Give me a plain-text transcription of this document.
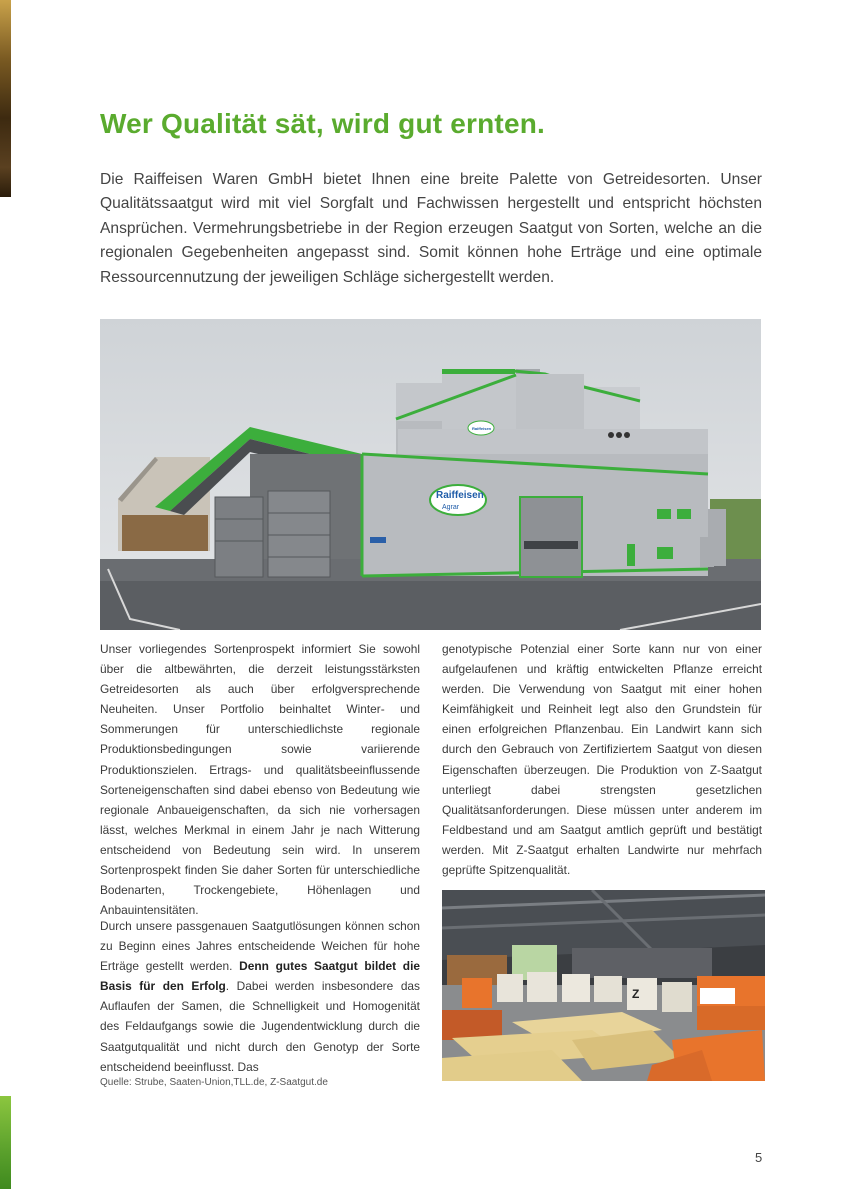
Wer Qualität sät, wird gut ernten.

Die Raiffeisen Waren GmbH bietet Ihnen eine breite Palette von Getreidesorten. Unser Qualitätssaatgut wird mit viel Sorgfalt und Fachwissen hergestellt und entspricht höchsten Ansprüchen. Vermehrungsbetriebe in der Region erzeugen Saatgut von Sorten, welche an die regionalen Gegebenheiten angepasst sind. Somit können hohe Erträge und eine optimale Ressourcennutzung der jeweiligen Schläge sichergestellt werden.

Raiffeisen
Agrar
Raiffeisen
Unser vorliegendes Sortenprospekt informiert Sie sowohl über die altbewährten, die derzeit leistungsstärksten Getreidesorten als auch über erfolgversprechende Neuheiten. Unser Portfolio beinhaltet Winter- und Sommerungen für unterschiedlichste regionale Produktionsbedingungen sowie variierende Produktionszielen. Ertrags- und qualitätsbeeinflussende Sorteneigenschaften sind dabei ebenso von Bedeutung wie regionale Anbaueigenschaften, da sich nie vorhersagen lässt, welches Merkmal in einem Jahr je nach Witterung entscheidend von Bedeutung sein wird. In unserem Sortenprospekt finden Sie daher Sorten für unterschiedliche Bodenarten, Trockengebiete, Höhenlagen und Anbauintensitäten.
genotypische Potenzial einer Sorte kann nur von einer aufgelaufenen und kräftig entwickelten Pflanze erreicht werden. Die Verwendung von Saatgut mit einer hohen Keimfähigkeit und Reinheit legt also den Grundstein für einen erfolgreichen Pflanzenbau. Ein Landwirt kann sich durch den Gebrauch von Zertifiziertem Saatgut von diesen Eigenschaften überzeugen. Die Produktion von Z-Saatgut unterliegt dabei strengsten gesetzlichen Qualitätsanforderungen. Diese müssen unter anderem im Feldbestand und am Saatgut amtlich geprüft und bestätigt werden. Mit Z-Saatgut erhalten Landwirte nur mehrfach geprüfte Spitzenqualität.
Durch unsere passgenauen Saatgutlösungen können schon zu Beginn eines Jahres entscheidende Weichen für hohe Erträge gestellt werden. Denn gutes Saatgut bildet die Basis für den Erfolg. Dabei werden insbesondere das Auflaufen der Samen, die Schnelligkeit und Homogenität des Feldaufgangs sowie die Jugendentwicklung durch die Saatgutqualität und nicht durch den Genotyp der Sorte entscheidend beeinflusst. Das
Z
Quelle: Strube, Saaten-Union,TLL.de, Z-Saatgut.de
5
